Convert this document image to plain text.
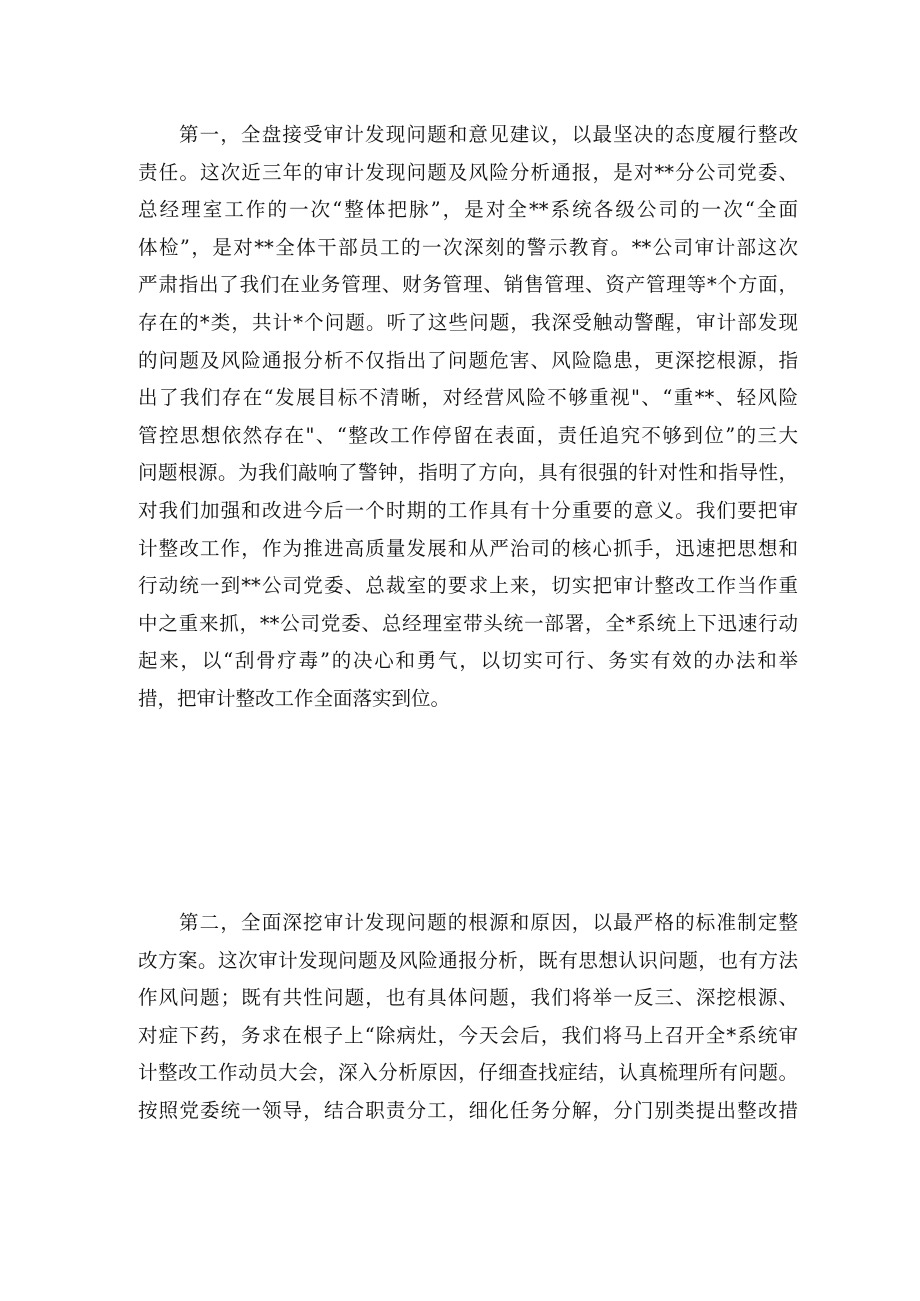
第一，全盘接受审计发现问题和意见建议，以最坚决的态度履行整改
责任。这次近三年的审计发现问题及风险分析通报，是对**分公司党委、
总经理室工作的一次“整体把脉”，是对全**系统各级公司的一次“全面
体检”，是对**全体干部员工的一次深刻的警示教育。**公司审计部这次
严肃指出了我们在业务管理、财务管理、销售管理、资产管理等*个方面，
存在的*类，共计*个问题。听了这些问题，我深受触动警醒，审计部发现
的问题及风险通报分析不仅指出了问题危害、风险隐患，更深挖根源，指
出了我们存在“发展目标不清晰，对经营风险不够重视"、“重**、轻风险
管控思想依然存在"、“整改工作停留在表面，责任追究不够到位”的三大
问题根源。为我们敲响了警钟，指明了方向，具有很强的针对性和指导性，
对我们加强和改进今后一个时期的工作具有十分重要的意义。我们要把审
计整改工作，作为推进高质量发展和从严治司的核心抓手，迅速把思想和
行动统一到**公司党委、总裁室的要求上来，切实把审计整改工作当作重
中之重来抓，**公司党委、总经理室带头统一部署，全*系统上下迅速行动
起来，以“刮骨疗毒”的决心和勇气，以切实可行、务实有效的办法和举
措，把审计整改工作全面落实到位。

第二，全面深挖审计发现问题的根源和原因，以最严格的标准制定整
改方案。这次审计发现问题及风险通报分析，既有思想认识问题，也有方法
作风问题；既有共性问题，也有具体问题，我们将举一反三、深挖根源、
对症下药，务求在根子上“除病灶，今天会后，我们将马上召开全*系统审
计整改工作动员大会，深入分析原因，仔细查找症结，认真梳理所有问题。
按照党委统一领导，结合职责分工，细化任务分解，分门别类提出整改措
